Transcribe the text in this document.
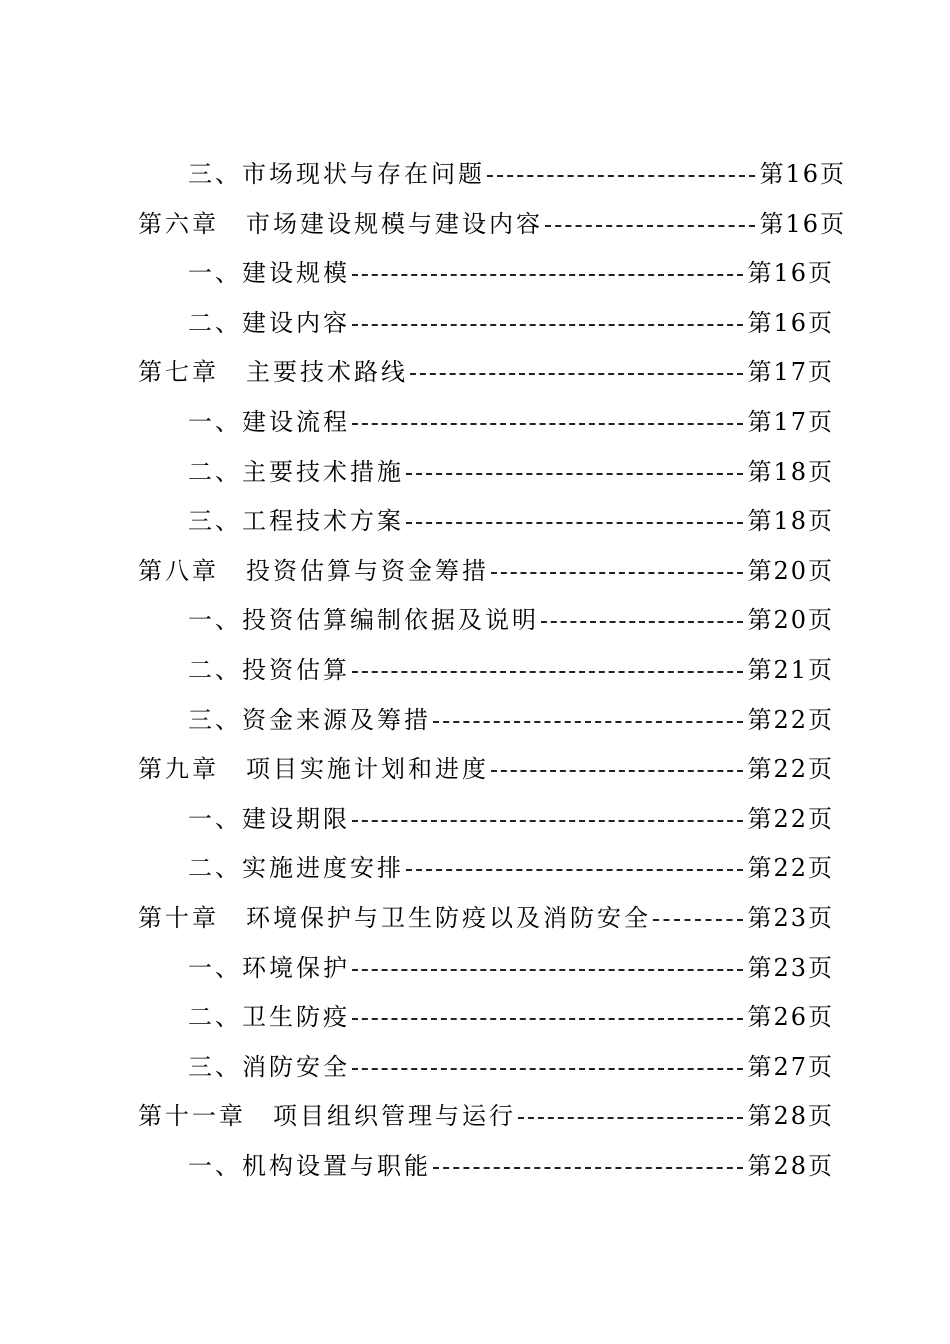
三、市场现状与存在问题	第16页
第六章　市场建设规模与建设内容	第16页
一、建设规模	第16页
二、建设内容	第16页
第七章　主要技术路线	第17页
一、建设流程	第17页
二、主要技术措施	第18页
三、工程技术方案	第18页
第八章　投资估算与资金筹措	第20页
一、投资估算编制依据及说明	第20页
二、投资估算	第21页
三、资金来源及筹措	第22页
第九章　项目实施计划和进度	第22页
一、建设期限	第22页
二、实施进度安排	第22页
第十章　环境保护与卫生防疫以及消防安全	第23页
一、环境保护	第23页
二、卫生防疫	第26页
三、消防安全	第27页
第十一章　项目组织管理与运行	第28页
一、机构设置与职能	第28页
